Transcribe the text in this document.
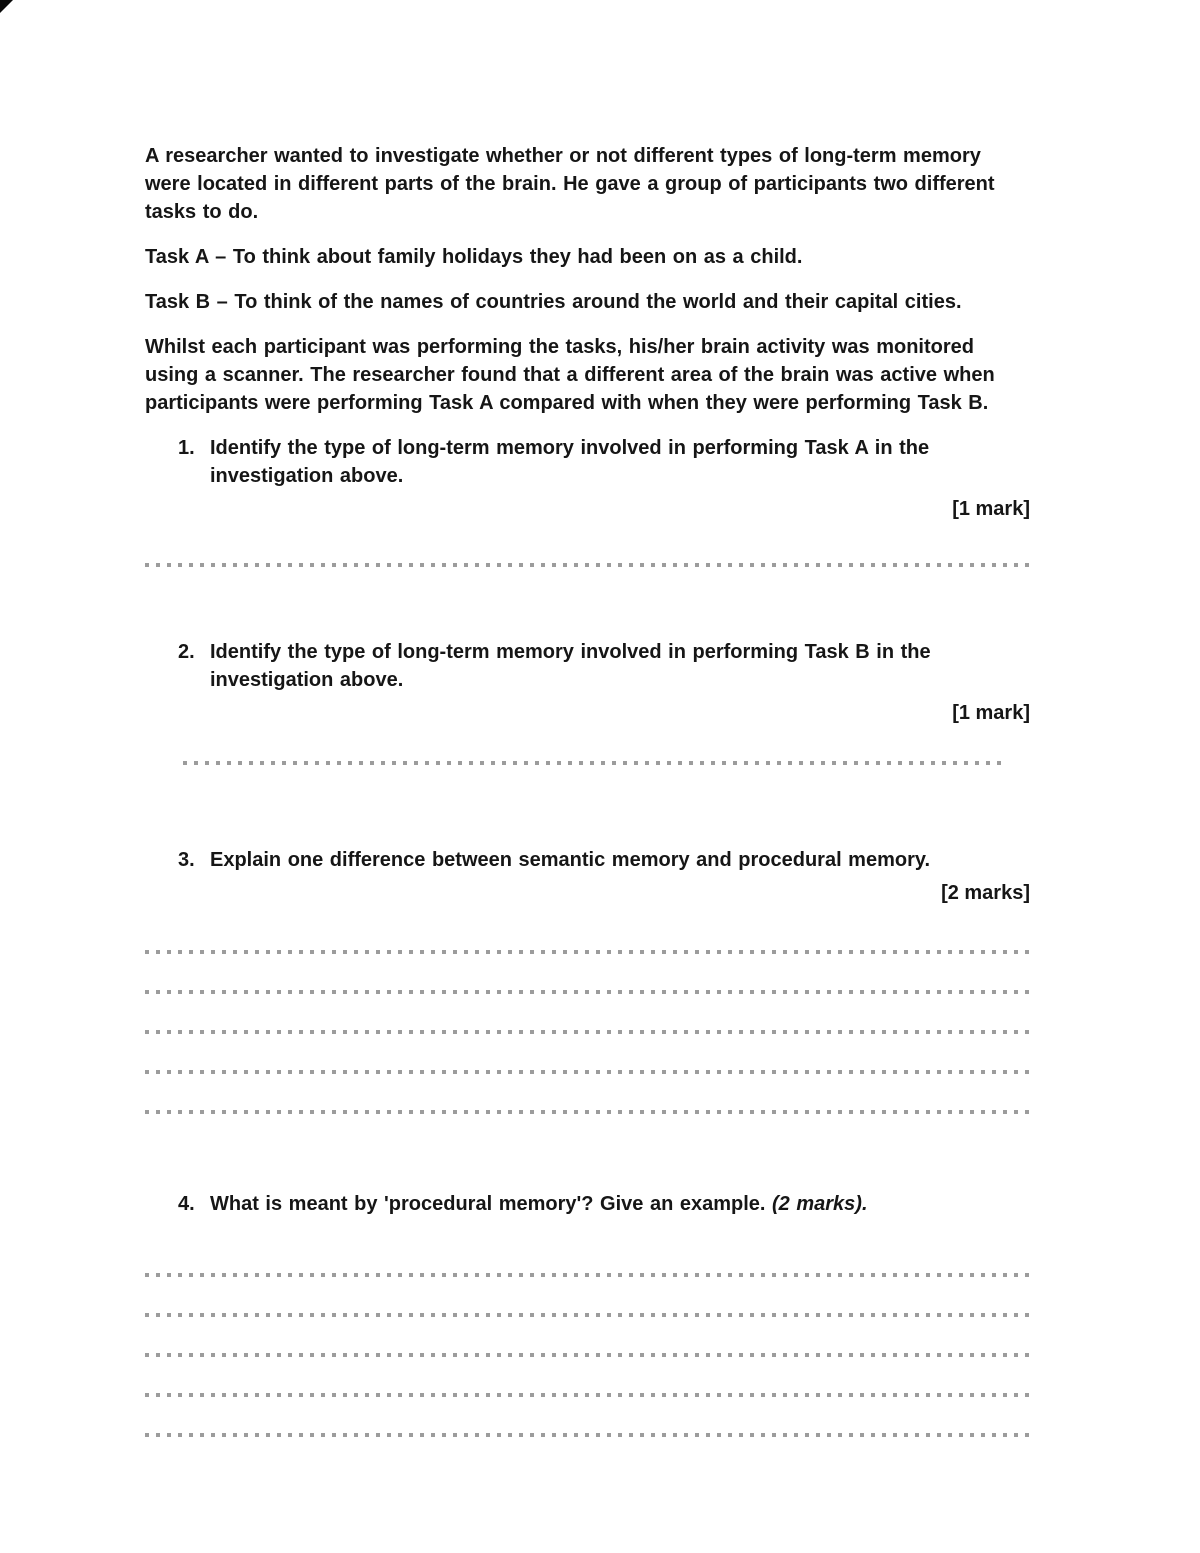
A researcher wanted to investigate whether or not different types of long-term memory were located in different parts of the brain. He gave a group of participants two different tasks to do.

Task A – To think about family holidays they had been on as a child.

Task B – To think of the names of countries around the world and their capital cities.

Whilst each participant was performing the tasks, his/her brain activity was monitored using a scanner. The researcher found that a different area of the brain was active when participants were performing Task A compared with when they were performing Task B.

1. Identify the type of long-term memory involved in performing Task A in the investigation above.
[1 mark]
2. Identify the type of long-term memory involved in performing Task B in the investigation above.
[1 mark]
3. Explain one difference between semantic memory and procedural memory.
[2 marks]
4. What is meant by 'procedural memory'? Give an example. (2 marks).
